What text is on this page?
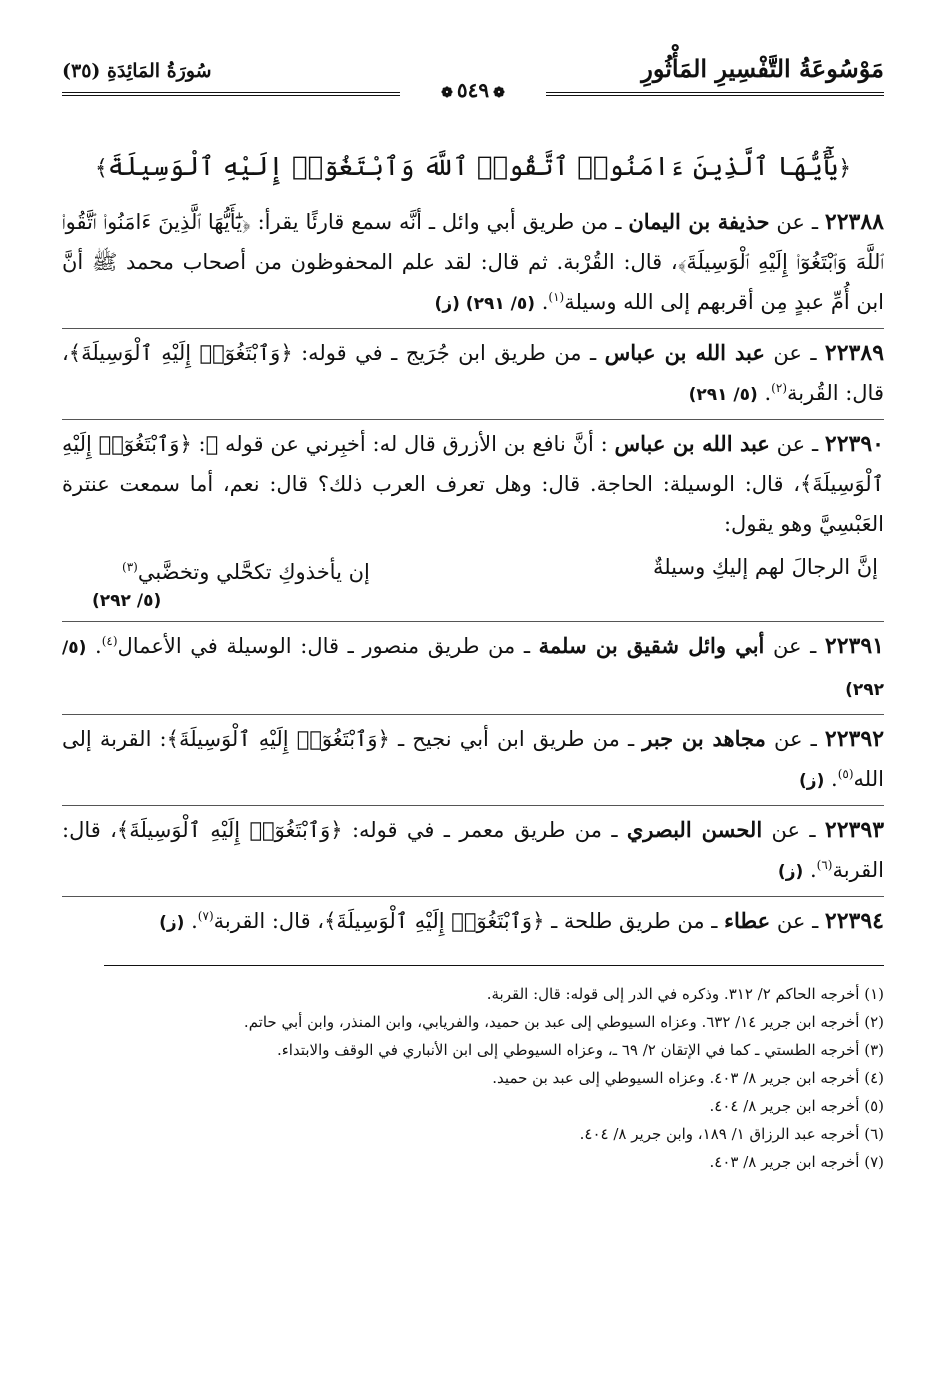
مَوْسُوعَةُ التَّفْسِيرِ المَأْثُورِ
سُورَةُ المَائِدَةِ (٣٥)
❁٥٤٩❁
﴿يَٰٓأَيُّهَا ٱلَّذِينَ ءَامَنُوا۟ ٱتَّقُوا۟ ٱللَّهَ وَٱبْتَغُوٓا۟ إِلَيْهِ ٱلْوَسِيلَةَ﴾
٢٢٣٨٨ ـ عن حذيفة بن اليمان ـ من طريق أبي وائل ـ أنَّه سمع قارئًا يقرأ: ﴿يَٰٓأَيُّهَا ٱلَّذِينَ ءَامَنُوا۟ ٱتَّقُوا۟ ٱللَّهَ وَٱبْتَغُوٓا۟ إِلَيْهِ ٱلْوَسِيلَةَ﴾، قال: القُرْبة. ثم قال: لقد علم المحفوظون من أصحاب محمد ﷺ أنَّ ابن أُمِّ عبدٍ مِن أقربهم إلى الله وسيلة$^{(١)}$. (٥/ ٢٩١) (ز)
٢٢٣٨٩ ـ عن عبد الله بن عباس ـ من طريق ابن جُرَيج ـ في قوله: ﴿وَٱبْتَغُوٓا۟ إِلَيْهِ ٱلْوَسِيلَةَ﴾، قال: القُربة$^{(٢)}$. (٥/ ٢٩١)
٢٢٣٩٠ ـ عن عبد الله بن عباس : أنَّ نافع بن الأزرق قال له: أخبِرني عن قوله ﷻ: ﴿وَٱبْتَغُوٓا۟ إِلَيْهِ ٱلْوَسِيلَةَ﴾، قال: الوسيلة: الحاجة. قال: وهل تعرف العرب ذلك؟ قال: نعم، أما سمعت عنترة العَبْسِيَّ وهو يقول:
إنَّ الرجالَ لهم إليكِ وسيلةٌ
إن يأخذوكِ تكحَّلي وتخضَّبي$^{(٣)}$
(٥/ ٢٩٢)
٢٢٣٩١ ـ عن أبي وائل شقيق بن سلمة ـ من طريق منصور ـ قال: الوسيلة في الأعمال$^{(٤)}$. (٥/ ٢٩٢)
٢٢٣٩٢ ـ عن مجاهد بن جبر ـ من طريق ابن أبي نجيح ـ ﴿وَٱبْتَغُوٓا۟ إِلَيْهِ ٱلْوَسِيلَةَ﴾: القربة إلى الله$^{(٥)}$. (ز)
٢٢٣٩٣ ـ عن الحسن البصري ـ من طريق معمر ـ في قوله: ﴿وَٱبْتَغُوٓا۟ إِلَيْهِ ٱلْوَسِيلَةَ﴾، قال: القربة$^{(٦)}$. (ز)
٢٢٣٩٤ ـ عن عطاء ـ من طريق طلحة ـ ﴿وَٱبْتَغُوٓا۟ إِلَيْهِ ٱلْوَسِيلَةَ﴾، قال: القربة$^{(٧)}$. (ز)
(١) أخرجه الحاكم ٢/ ٣١٢. وذكره في الدر إلى قوله: قال: القربة.
(٢) أخرجه ابن جرير ١٤/ ٦٣٢. وعزاه السيوطي إلى عبد بن حميد، والفريابي، وابن المنذر، وابن أبي حاتم.
(٣) أخرجه الطستي ـ كما في الإتقان ٢/ ٦٩ ـ، وعزاه السيوطي إلى ابن الأنباري في الوقف والابتداء.
(٤) أخرجه ابن جرير ٨/ ٤٠٣. وعزاه السيوطي إلى عبد بن حميد.
(٥) أخرجه ابن جرير ٨/ ٤٠٤.
(٦) أخرجه عبد الرزاق ١/ ١٨٩، وابن جرير ٨/ ٤٠٤.
(٧) أخرجه ابن جرير ٨/ ٤٠٣.
